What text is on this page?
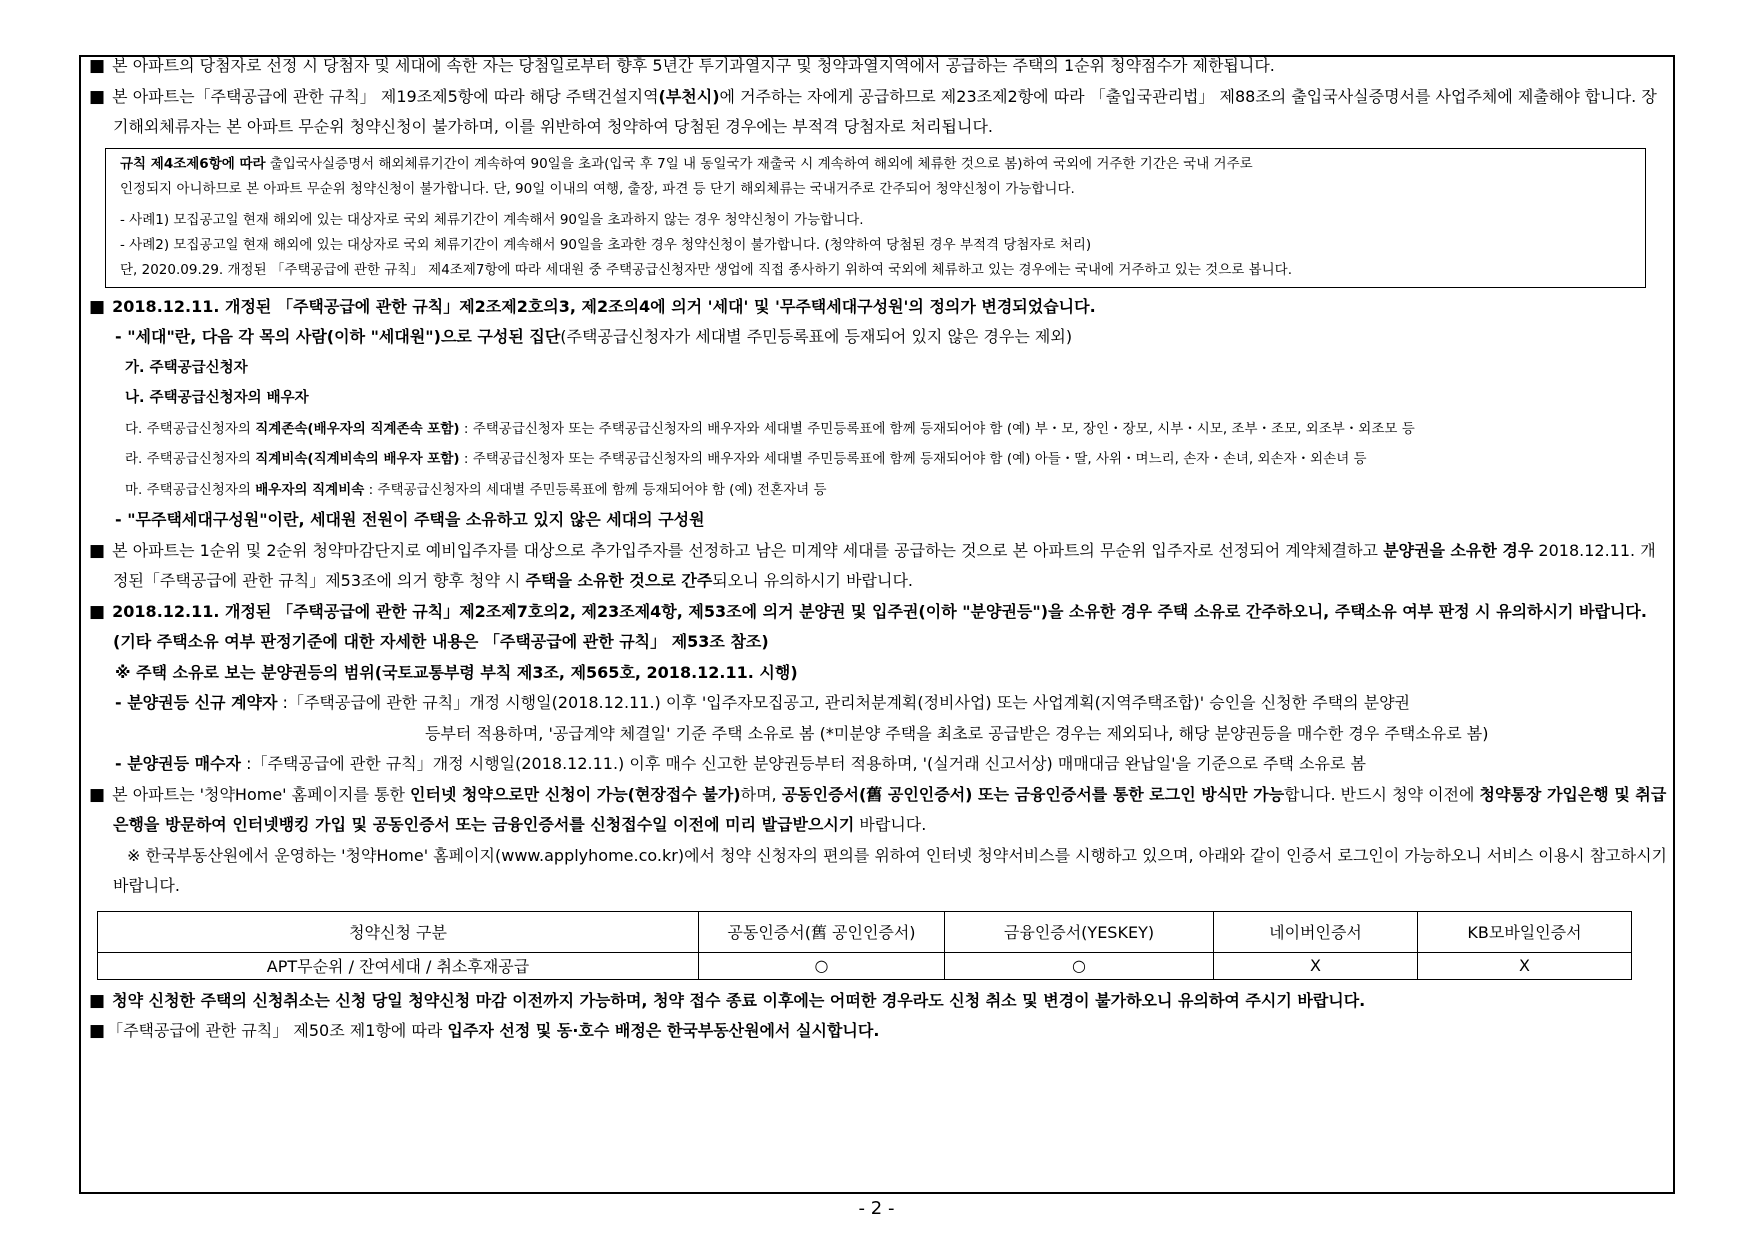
■ 본 아파트의 당첨자로 선정 시 당첨자 및 세대에 속한 자는 당첨일로부터 향후 5년간 투기과열지구 및 청약과열지역에서 공급하는 주택의 1순위 청약점수가 제한됩니다.

■ 본 아파트는「주택공급에 관한 규칙」 제19조제5항에 따라 해당 주택건설지역(부천시)에 거주하는 자에게 공급하므로 제23조제2항에 따라 「출입국관리법」 제88조의 출입국사실증명서를 사업주체에 제출해야 합니다. 장기해외체류자는 본 아파트 무순위 청약신청이 불가하며, 이를 위반하여 청약하여 당첨된 경우에는 부적격 당첨자로 처리됩니다.

규칙 제4조제6항에 따라 출입국사실증명서 해외체류기간이 계속하여 90일을 초과(입국 후 7일 내 동일국가 재출국 시 계속하여 해외에 체류한 것으로 봄)하여 국외에 거주한 기간은 국내 거주로

인정되지 아니하므로 본 아파트 무순위 청약신청이 불가합니다. 단, 90일 이내의 여행, 출장, 파견 등 단기 해외체류는 국내거주로 간주되어 청약신청이 가능합니다.

- 사례1) 모집공고일 현재 해외에 있는 대상자로 국외 체류기간이 계속해서 90일을 초과하지 않는 경우 청약신청이 가능합니다.

- 사례2) 모집공고일 현재 해외에 있는 대상자로 국외 체류기간이 계속해서 90일을 초과한 경우 청약신청이 불가합니다. (청약하여 당첨된 경우 부적격 당첨자로 처리)

단, 2020.09.29. 개정된 「주택공급에 관한 규칙」 제4조제7항에 따라 세대원 중 주택공급신청자만 생업에 직접 종사하기 위하여 국외에 체류하고 있는 경우에는 국내에 거주하고 있는 것으로 봅니다.

■ 2018.12.11. 개정된 「주택공급에 관한 규칙」제2조제2호의3, 제2조의4에 의거 '세대' 및 '무주택세대구성원'의 정의가 변경되었습니다.

- "세대"란, 다음 각 목의 사람(이하 "세대원")으로 구성된 집단(주택공급신청자가 세대별 주민등록표에 등재되어 있지 않은 경우는 제외)

가. 주택공급신청자

나. 주택공급신청자의 배우자

다. 주택공급신청자의 직계존속(배우자의 직계존속 포함) : 주택공급신청자 또는 주택공급신청자의 배우자와 세대별 주민등록표에 함께 등재되어야 함 (예) 부・모, 장인・장모, 시부・시모, 조부・조모, 외조부・외조모 등

라. 주택공급신청자의 직계비속(직계비속의 배우자 포함) : 주택공급신청자 또는 주택공급신청자의 배우자와 세대별 주민등록표에 함께 등재되어야 함 (예) 아들・딸, 사위・며느리, 손자・손녀, 외손자・외손녀 등

마. 주택공급신청자의 배우자의 직계비속 : 주택공급신청자의 세대별 주민등록표에 함께 등재되어야 함 (예) 전혼자녀 등

- "무주택세대구성원"이란, 세대원 전원이 주택을 소유하고 있지 않은 세대의 구성원

■ 본 아파트는 1순위 및 2순위 청약마감단지로 예비입주자를 대상으로 추가입주자를 선정하고 남은 미계약 세대를 공급하는 것으로 본 아파트의 무순위 입주자로 선정되어 계약체결하고 분양권을 소유한 경우 2018.12.11. 개정된「주택공급에 관한 규칙」제53조에 의거 향후 청약 시 주택을 소유한 것으로 간주되오니 유의하시기 바랍니다.

■ 2018.12.11. 개정된 「주택공급에 관한 규칙」제2조제7호의2, 제23조제4항, 제53조에 의거 분양권 및 입주권(이하 "분양권등")을 소유한 경우 주택 소유로 간주하오니, 주택소유 여부 판정 시 유의하시기 바랍니다. (기타 주택소유 여부 판정기준에 대한 자세한 내용은 「주택공급에 관한 규칙」 제53조 참조)

※ 주택 소유로 보는 분양권등의 범위(국토교통부령 부칙 제3조, 제565호, 2018.12.11. 시행)

- 분양권등 신규 계약자 :「주택공급에 관한 규칙」개정 시행일(2018.12.11.) 이후 '입주자모집공고, 관리처분계획(정비사업) 또는 사업계획(지역주택조합)' 승인을 신청한 주택의 분양권

등부터 적용하며, '공급계약 체결일' 기준 주택 소유로 봄 (*미분양 주택을 최초로 공급받은 경우는 제외되나, 해당 분양권등을 매수한 경우 주택소유로 봄)

- 분양권등 매수자 :「주택공급에 관한 규칙」개정 시행일(2018.12.11.) 이후 매수 신고한 분양권등부터 적용하며, '(실거래 신고서상) 매매대금 완납일'을 기준으로 주택 소유로 봄

■ 본 아파트는 '청약Home' 홈페이지를 통한 인터넷 청약으로만 신청이 가능(현장접수 불가)하며, 공동인증서(舊 공인인증서) 또는 금융인증서를 통한 로그인 방식만 가능합니다. 반드시 청약 이전에 청약통장 가입은행 및 취급은행을 방문하여 인터넷뱅킹 가입 및 공동인증서 또는 금융인증서를 신청접수일 이전에 미리 발급받으시기 바랍니다.

※ 한국부동산원에서 운영하는 '청약Home' 홈페이지(www.applyhome.co.kr)에서 청약 신청자의 편의를 위하여 인터넷 청약서비스를 시행하고 있으며, 아래와 같이 인증서 로그인이 가능하오니 서비스 이용시 참고하시기 바랍니다.

청약신청 구분	공동인증서(舊 공인인증서)	금융인증서(YESKEY)	네이버인증서	KB모바일인증서
APT무순위 / 잔여세대 / 취소후재공급	○	○	X	X

■ 청약 신청한 주택의 신청취소는 신청 당일 청약신청 마감 이전까지 가능하며, 청약 접수 종료 이후에는 어떠한 경우라도 신청 취소 및 변경이 불가하오니 유의하여 주시기 바랍니다.

■ 「주택공급에 관한 규칙」 제50조 제1항에 따라 입주자 선정 및 동·호수 배정은 한국부동산원에서 실시합니다.

- 2 -
